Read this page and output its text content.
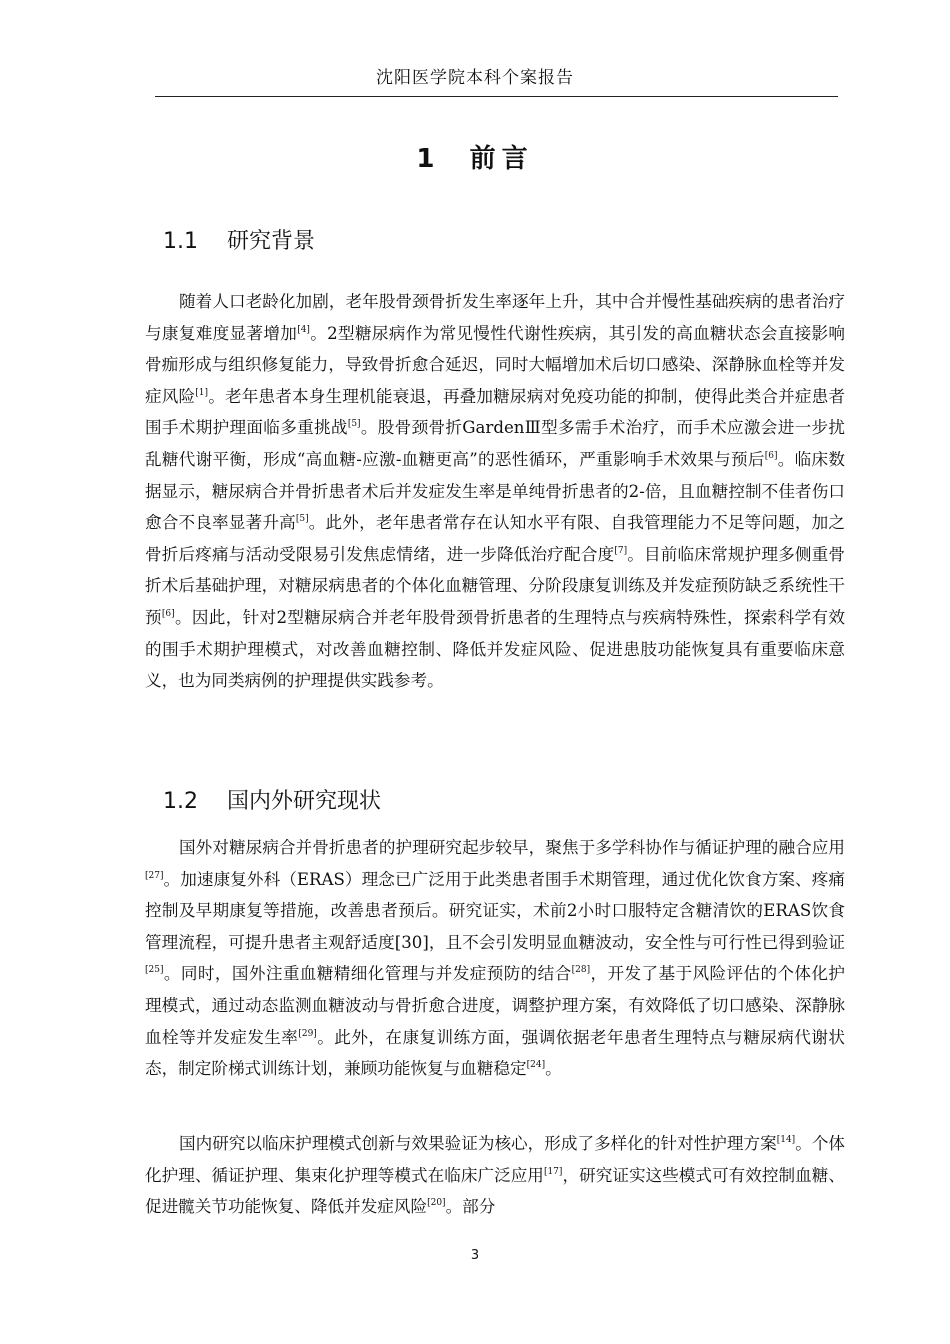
沈阳医学院本科个案报告
1 前言
1.1 研究背景

随着人口老龄化加剧，老年股骨颈骨折发生率逐年上升，其中合并慢性基础疾病的患者治疗与康复难度显著增加[4]。2型糖尿病作为常见慢性代谢性疾病，其引发的高血糖状态会直接影响骨痂形成与组织修复能力，导致骨折愈合延迟，同时大幅增加术后切口感染、深静脉血栓等并发症风险[1]。老年患者本身生理机能衰退，再叠加糖尿病对免疫功能的抑制，使得此类合并症患者围手术期护理面临多重挑战[5]。股骨颈骨折GardenⅢ型多需手术治疗，而手术应激会进一步扰乱糖代谢平衡，形成“高血糖-应激-血糖更高”的恶性循环，严重影响手术效果与预后[6]。临床数据显示，糖尿病合并骨折患者术后并发症发生率是单纯骨折患者的2-倍，且血糖控制不佳者伤口愈合不良率显著升高[5]。此外，老年患者常存在认知水平有限、自我管理能力不足等问题，加之骨折后疼痛与活动受限易引发焦虑情绪，进一步降低治疗配合度[7]。目前临床常规护理多侧重骨折术后基础护理，对糖尿病患者的个体化血糖管理、分阶段康复训练及并发症预防缺乏系统性干预[6]。因此，针对2型糖尿病合并老年股骨颈骨折患者的生理特点与疾病特殊性，探索科学有效的围手术期护理模式，对改善血糖控制、降低并发症风险、促进患肢功能恢复具有重要临床意义，也为同类病例的护理提供实践参考。

1.2 国内外研究现状

国外对糖尿病合并骨折患者的护理研究起步较早，聚焦于多学科协作与循证护理的融合应用[27]。加速康复外科（ERAS）理念已广泛用于此类患者围手术期管理，通过优化饮食方案、疼痛控制及早期康复等措施，改善患者预后。研究证实，术前2小时口服特定含糖清饮的ERAS饮食管理流程，可提升患者主观舒适度[30]，且不会引发明显血糖波动，安全性与可行性已得到验证[25]。同时，国外注重血糖精细化管理与并发症预防的结合[28]，开发了基于风险评估的个体化护理模式，通过动态监测血糖波动与骨折愈合进度，调整护理方案，有效降低了切口感染、深静脉血栓等并发症发生率[29]。此外，在康复训练方面，强调依据老年患者生理特点与糖尿病代谢状态，制定阶梯式训练计划，兼顾功能恢复与血糖稳定[24]。

国内研究以临床护理模式创新与效果验证为核心，形成了多样化的针对性护理方案[14]。个体化护理、循证护理、集束化护理等模式在临床广泛应用[17]，研究证实这些模式可有效控制血糖、促进髋关节功能恢复、降低并发症风险[20]。部分

3
